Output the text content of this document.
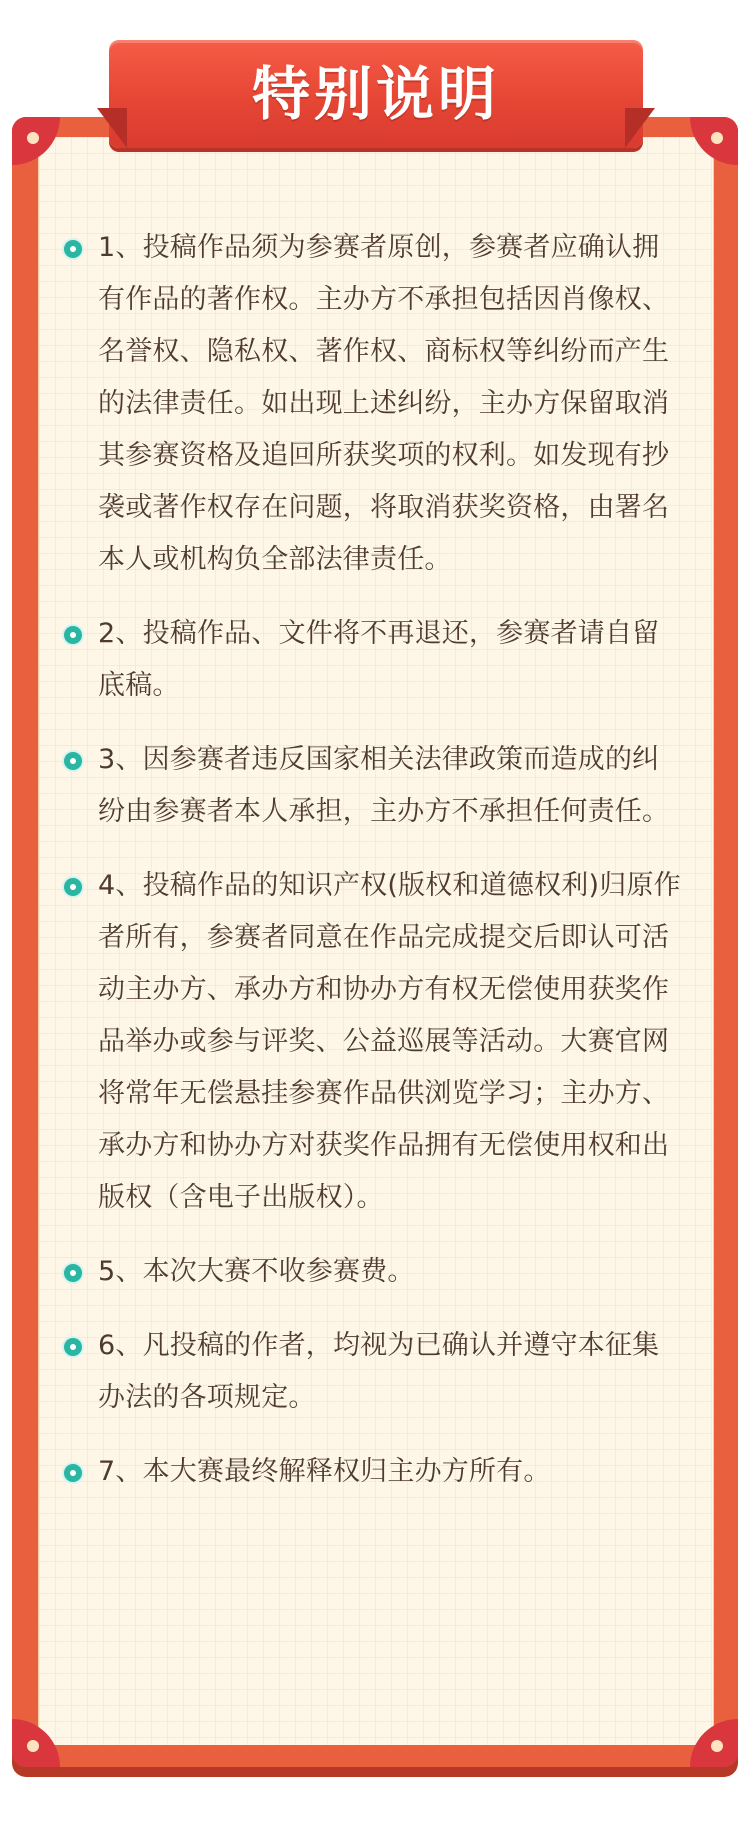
特别说明

1、投稿作品须为参赛者原创，参赛者应确认拥有作品的著作权。主办方不承担包括因肖像权、名誉权、隐私权、著作权、商标权等纠纷而产生的法律责任。如出现上述纠纷，主办方保留取消其参赛资格及追回所获奖项的权利。如发现有抄袭或著作权存在问题，将取消获奖资格，由署名本人或机构负全部法律责任。

2、投稿作品、文件将不再退还，参赛者请自留底稿。

3、因参赛者违反国家相关法律政策而造成的纠纷由参赛者本人承担，主办方不承担任何责任。

4、投稿作品的知识产权(版权和道德权利)归原作者所有，参赛者同意在作品完成提交后即认可活动主办方、承办方和协办方有权无偿使用获奖作品举办或参与评奖、公益巡展等活动。大赛官网将常年无偿悬挂参赛作品供浏览学习；主办方、承办方和协办方对获奖作品拥有无偿使用权和出版权（含电子出版权）。

5、本次大赛不收参赛费。

6、凡投稿的作者，均视为已确认并遵守本征集办法的各项规定。

7、本大赛最终解释权归主办方所有。
